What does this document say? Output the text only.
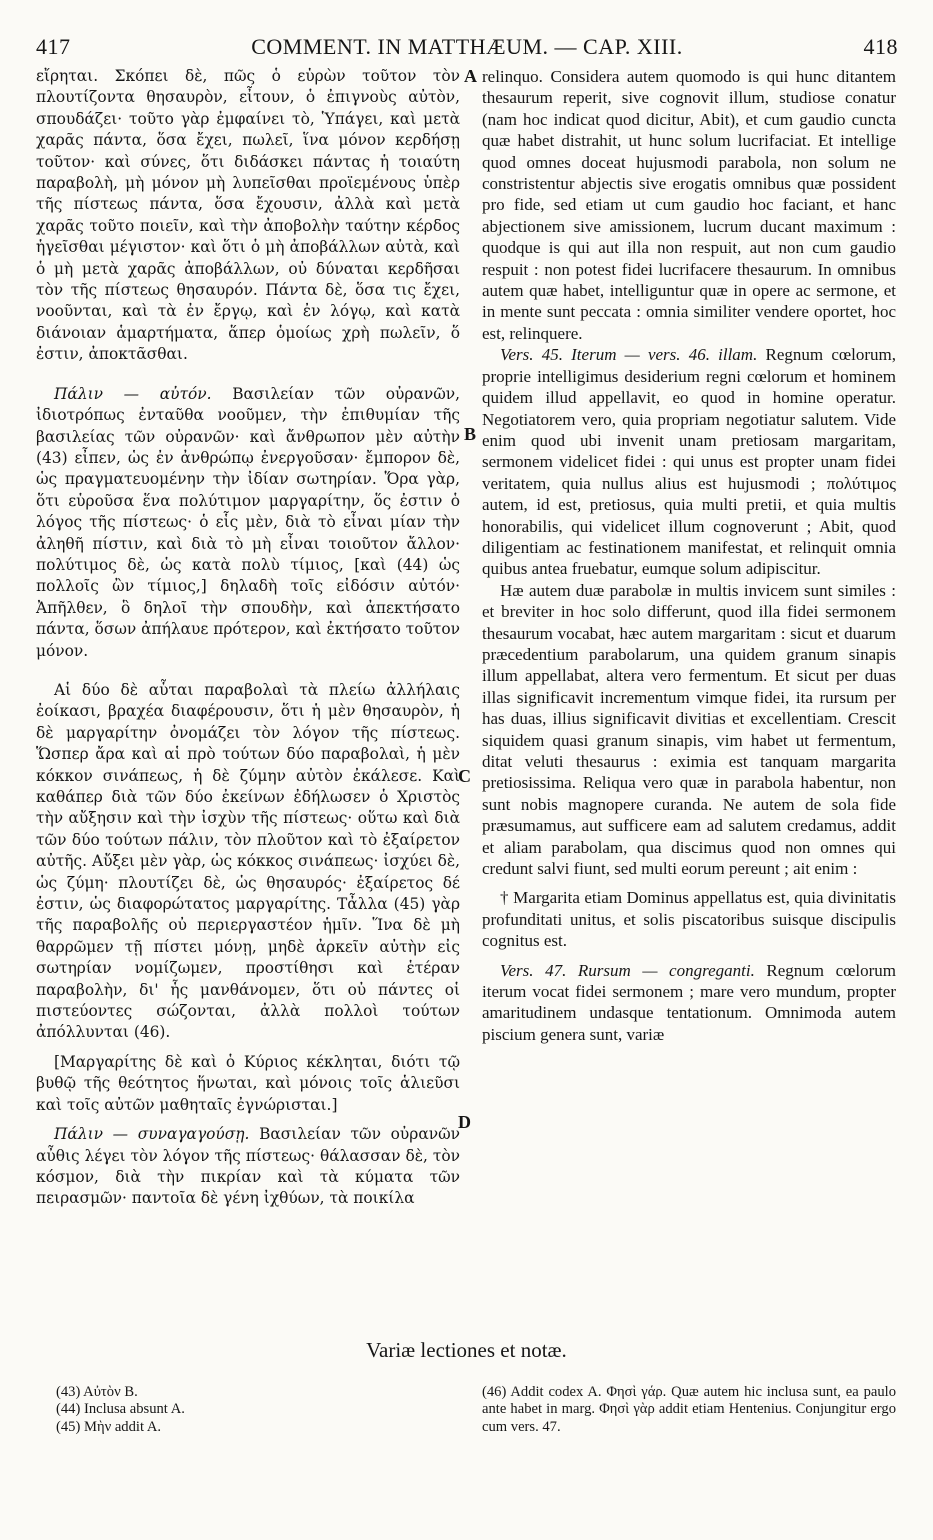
417	COMMENT. IN MATTHÆUM. — CAP. XIII.	418

εἴρηται. Σκόπει δὲ, πῶς ὁ εὑρὼν τοῦτον τὸν πλουτίζοντα θησαυρὸν, εἶτουν, ὁ ἐπιγνοὺς αὐτὸν, σπουδάζει· τοῦτο γὰρ ἐμφαίνει τὸ, Ὑπάγει, καὶ μετὰ χαρᾶς πάντα, ὅσα ἔχει, πωλεῖ, ἵνα μόνον κερδήσῃ τοῦτον· καὶ σύνες, ὅτι διδάσκει πάντας ἡ τοιαύτη παραβολὴ, μὴ μόνον μὴ λυπεῖσθαι προϊεμένους ὑπὲρ τῆς πίστεως πάντα, ὅσα ἔχουσιν, ἀλλὰ καὶ μετὰ χαρᾶς τοῦτο ποιεῖν, καὶ τὴν ἀποβολὴν ταύτην κέρδος ἡγεῖσθαι μέγιστον· καὶ ὅτι ὁ μὴ ἀποβάλλων αὐτὰ, καὶ ὁ μὴ μετὰ χαρᾶς ἀποβάλλων, οὐ δύναται κερδῆσαι τὸν τῆς πίστεως θησαυρόν. Πάντα δὲ, ὅσα τις ἔχει, νοοῦνται, καὶ τὰ ἐν ἔργῳ, καὶ ἐν λόγῳ, καὶ κατὰ διάνοιαν ἁμαρτήματα, ἅπερ ὁμοίως χρὴ πωλεῖν, ὅ ἐστιν, ἀποκτᾶσθαι.

Πάλιν — αὐτόν. Βασιλείαν τῶν οὐρανῶν, ἰδιοτρόπως ἐνταῦθα νοοῦμεν, τὴν ἐπιθυμίαν τῆς βασιλείας τῶν οὐρανῶν· καὶ ἄνθρωπον μὲν αὐτὴν (43) εἶπεν, ὡς ἐν ἀνθρώπῳ ἐνεργοῦσαν· ἔμπορον δὲ, ὡς πραγματευομένην τὴν ἰδίαν σωτηρίαν. Ὅρα γὰρ, ὅτι εὑροῦσα ἕνα πολύτιμον μαργαρίτην, ὅς ἐστιν ὁ λόγος τῆς πίστεως· ὁ εἷς μὲν, διὰ τὸ εἶναι μίαν τὴν ἀληθῆ πίστιν, καὶ διὰ τὸ μὴ εἶναι τοιοῦτον ἄλλον· πολύτιμος δὲ, ὡς κατὰ πολὺ τίμιος, [καὶ (44) ὡς πολλοῖς ὢν τίμιος,] δηλαδὴ τοῖς εἰδόσιν αὐτόν· Ἀπῆλθεν, ὃ δηλοῖ τὴν σπουδὴν, καὶ ἀπεκτήσατο πάντα, ὅσων ἀπήλαυε πρότερον, καὶ ἐκτήσατο τοῦτον μόνον.

Αἱ δύο δὲ αὗται παραβολαὶ τὰ πλείω ἀλλήλαις ἐοίκασι, βραχέα διαφέρουσιν, ὅτι ἡ μὲν θησαυρὸν, ἡ δὲ μαργαρίτην ὀνομάζει τὸν λόγον τῆς πίστεως. Ὥσπερ ἄρα καὶ αἱ πρὸ τούτων δύο παραβολαὶ, ἡ μὲν κόκκον σινάπεως, ἡ δὲ ζύμην αὐτὸν ἐκάλεσε. Καὶ καθάπερ διὰ τῶν δύο ἐκείνων ἐδήλωσεν ὁ Χριστὸς τὴν αὔξησιν καὶ τὴν ἰσχὺν τῆς πίστεως· οὕτω καὶ διὰ τῶν δύο τούτων πάλιν, τὸν πλοῦτον καὶ τὸ ἐξαίρετον αὐτῆς. Αὔξει μὲν γὰρ, ὡς κόκκος σινάπεως· ἰσχύει δὲ, ὡς ζύμη· πλουτίζει δὲ, ὡς θησαυρός· ἐξαίρετος δέ ἐστιν, ὡς διαφορώτατος μαργαρίτης. Τἆλλα (45) γὰρ τῆς παραβολῆς οὐ περιεργαστέον ἡμῖν. Ἵνα δὲ μὴ θαρρῶμεν τῇ πίστει μόνῃ, μηδὲ ἀρκεῖν αὐτὴν εἰς σωτηρίαν νομίζωμεν, προστίθησι καὶ ἑτέραν παραβολὴν, δι' ἧς μανθάνομεν, ὅτι οὐ πάντες οἱ πιστεύοντες σώζονται, ἀλλὰ πολλοὶ τούτων ἀπόλλυνται (46).

[Μαργαρίτης δὲ καὶ ὁ Κύριος κέκληται, διότι τῷ βυθῷ τῆς θεότητος ἥνωται, καὶ μόνοις τοῖς ἁλιεῦσι καὶ τοῖς αὐτῶν μαθηταῖς ἐγνώρισται.]

Πάλιν — συναγαγούσῃ. Βασιλείαν τῶν οὐρανῶν αὖθις λέγει τὸν λόγον τῆς πίστεως· θάλασσαν δὲ, τὸν κόσμον, διὰ τὴν πικρίαν καὶ τὰ κύματα τῶν πειρασμῶν· παντοῖα δὲ γένη ἰχθύων, τὰ ποικίλα

A
B
C
D

relinquo. Considera autem quomodo is qui hunc ditantem thesaurum reperit, sive cognovit illum, studiose conatur (nam hoc indicat quod dicitur, Abit), et cum gaudio cuncta quæ habet distrahit, ut hunc solum lucrifaciat. Et intellige quod omnes doceat hujusmodi parabola, non solum ne constristentur abjectis sive erogatis omnibus quæ possident pro fide, sed etiam ut cum gaudio hoc faciant, et hanc abjectionem sive amissionem, lucrum ducant maximum : quodque is qui aut illa non respuit, aut non cum gaudio respuit : non potest fidei lucrifacere thesaurum. In omnibus autem quæ habet, intelliguntur quæ in opere ac sermone, et in mente sunt peccata : omnia similiter vendere oportet, hoc est, relinquere.

Vers. 45. Iterum — vers. 46. illam. Regnum cœlorum, proprie intelligimus desiderium regni cœlorum et hominem quidem illud appellavit, eo quod in homine operatur. Negotiatorem vero, quia propriam negotiatur salutem. Vide enim quod ubi invenit unam pretiosam margaritam, sermonem videlicet fidei : qui unus est propter unam fidei veritatem, quia nullus alius est hujusmodi ; πολύτιμος autem, id est, pretiosus, quia multi pretii, et quia multis honorabilis, qui videlicet illum cognoverunt ; Abit, quod diligentiam ac festinationem manifestat, et relinquit omnia quibus antea fruebatur, eumque solum adipiscitur.

Hæ autem duæ parabolæ in multis invicem sunt similes : et breviter in hoc solo differunt, quod illa fidei sermonem thesaurum vocabat, hæc autem margaritam : sicut et duarum præcedentium parabolarum, una quidem granum sinapis illum appellabat, altera vero fermentum. Et sicut per duas illas significavit incrementum vimque fidei, ita rursum per has duas, illius significavit divitias et excellentiam. Crescit siquidem quasi granum sinapis, vim habet ut fermentum, ditat veluti thesaurus : eximia est tanquam margarita pretiosissima. Reliqua vero quæ in parabola habentur, non sunt nobis magnopere curanda. Ne autem de sola fide præsumamus, aut sufficere eam ad salutem credamus, addit et aliam parabolam, qua discimus quod non omnes qui credunt salvi fiunt, sed multi eorum pereunt ; ait enim :

† Margarita etiam Dominus appellatus est, quia divinitatis profunditati unitus, et solis piscatoribus suisque discipulis cognitus est.

Vers. 47. Rursum — congreganti. Regnum cœlorum iterum vocat fidei sermonem ; mare vero mundum, propter amaritudinem undasque tentationum. Omnimoda autem piscium genera sunt, variæ

Variæ lectiones et notæ.
(43) Αὐτὸν B.
(44) Inclusa absunt A.
(45) Μὴν addit A.
(46) Addit codex A. Φησὶ γάρ. Quæ autem hic inclusa sunt, ea paulo ante habet in marg. Φησὶ γὰρ addit etiam Hentenius. Conjungitur ergo cum vers. 47.
